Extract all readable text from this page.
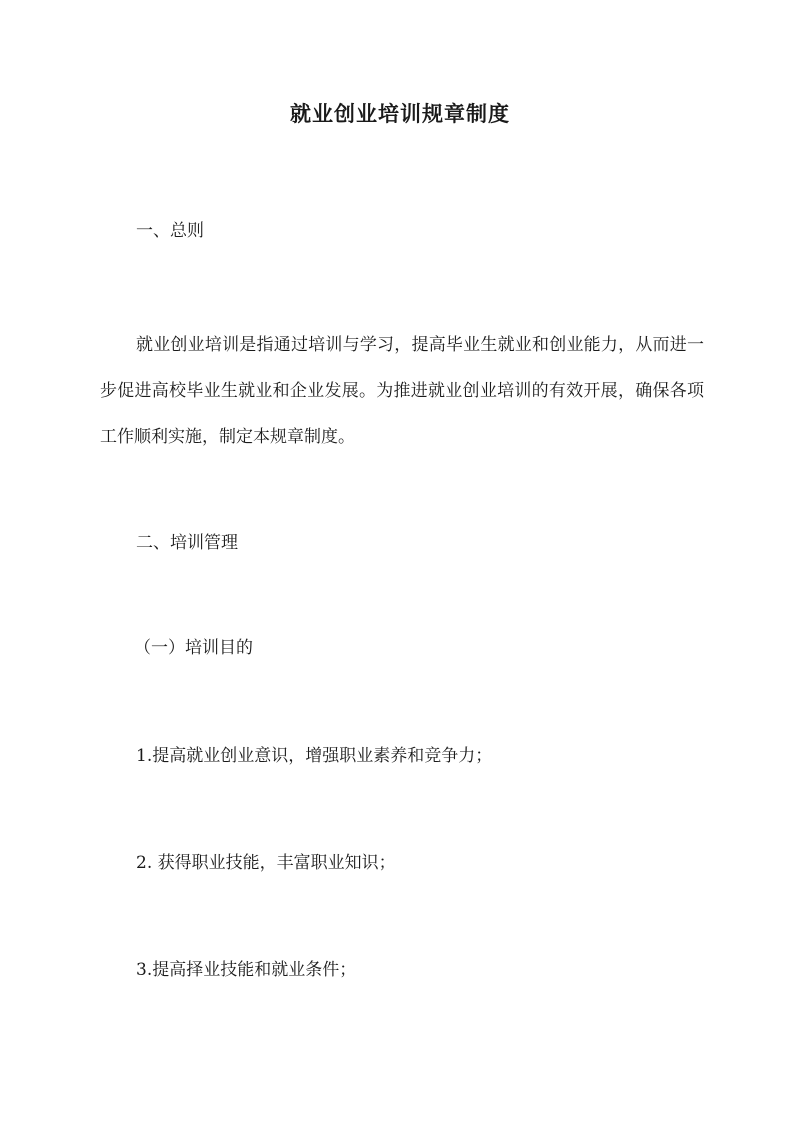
就业创业培训规章制度

一、总则

就业创业培训是指通过培训与学习，提高毕业生就业和创业能力，从而进一步促进高校毕业生就业和企业发展。为推进就业创业培训的有效开展，确保各项工作顺利实施，制定本规章制度。

二、培训管理

（一）培训目的

1.提高就业创业意识，增强职业素养和竞争力；

2. 获得职业技能，丰富职业知识；

3.提高择业技能和就业条件；
